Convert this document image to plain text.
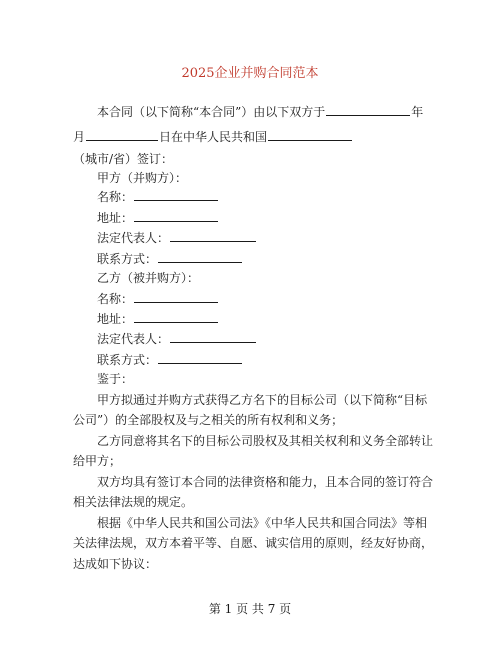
2025企业并购合同范本
本合同（以下简称“本合同”）由以下双方于	年
月	日在中华人民共和国
（城市/省）签订：
甲方（并购方）：
名称：
地址：
法定代表人：
联系方式：
乙方（被并购方）：
名称：
地址：
法定代表人：
联系方式：
鉴于：
甲方拟通过并购方式获得乙方名下的目标公司（以下简称“目标
公司”）的全部股权及与之相关的所有权利和义务；
乙方同意将其名下的目标公司股权及其相关权利和义务全部转让
给甲方；
双方均具有签订本合同的法律资格和能力，且本合同的签订符合
相关法律法规的规定。
根据《中华人民共和国公司法》《中华人民共和国合同法》等相
关法律法规，双方本着平等、自愿、诚实信用的原则，经友好协商，
达成如下协议：
第 1 页 共 7 页
